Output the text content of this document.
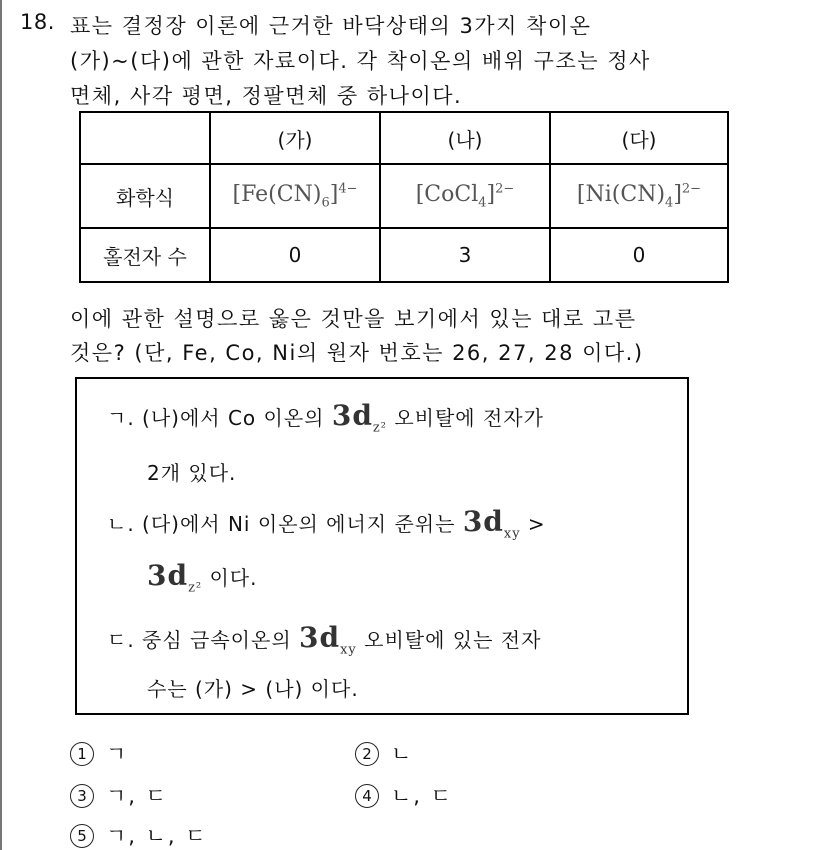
18. 표는 결정장 이론에 근거한 바닥상태의 3가지 착이온
(가)~(다)에 관한 자료이다. 각 착이온의 배위 구조는 정사
면체, 사각 평면, 정팔면체 중 하나이다.
	(가)	(나)	(다)
화학식	$[Fe(CN)_6]^{4-}$	[CoCl$_4$]$^{2-}$	$[Ni(CN)_4]^{2-}$
홀전자 수	0	3	0
이에 관한 설명으로 옳은 것만을 보기에서 있는 대로 고른
것은? (단, Fe, Co, Ni의 원자 번호는 26, 27, 28 이다.)
ㄱ. (나)에서 Co 이온의 $3d_{z^2}$ 오비탈에 전자가
2개 있다.
ㄴ. (다)에서 Ni 이온의 에너지 준위는 $3d_{xy}$ >
$3d_{z^2}$ 이다.
ㄷ. 중심 금속이온의 $3d_{xy}$ 오비탈에 있는 전자
수는 (가) > (나) 이다.
1 ㄱ	2 ㄴ
3 ㄱ, ㄷ	4 ㄴ, ㄷ
5 ㄱ, ㄴ, ㄷ
